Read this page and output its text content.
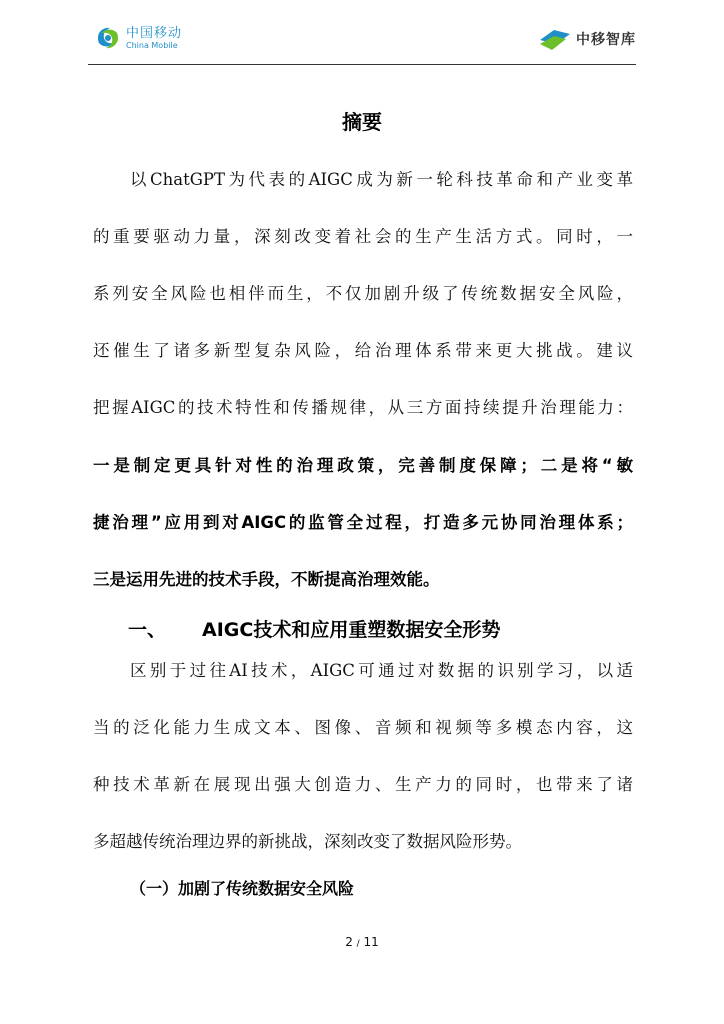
中国移动
China Mobile	中移智库
摘要
以ChatGPT为代表的AIGC成为新一轮科技革命和产业变革
的重要驱动力量，深刻改变着社会的生产生活方式。同时，一
系列安全风险也相伴而生，不仅加剧升级了传统数据安全风险，
还催生了诸多新型复杂风险，给治理体系带来更大挑战。建议
把握AIGC的技术特性和传播规律，从三方面持续提升治理能力：
一是制定更具针对性的治理政策，完善制度保障；二是将“敏
捷治理”应用到对AIGC的监管全过程，打造多元协同治理体系；
三是运用先进的技术手段，不断提高治理效能。
一、 AIGC技术和应用重塑数据安全形势
区别于过往AI技术，AIGC可通过对数据的识别学习，以适
当的泛化能力生成文本、图像、音频和视频等多模态内容，这
种技术革新在展现出强大创造力、生产力的同时，也带来了诸
多超越传统治理边界的新挑战，深刻改变了数据风险形势。
（一）加剧了传统数据安全风险
2 / 11
